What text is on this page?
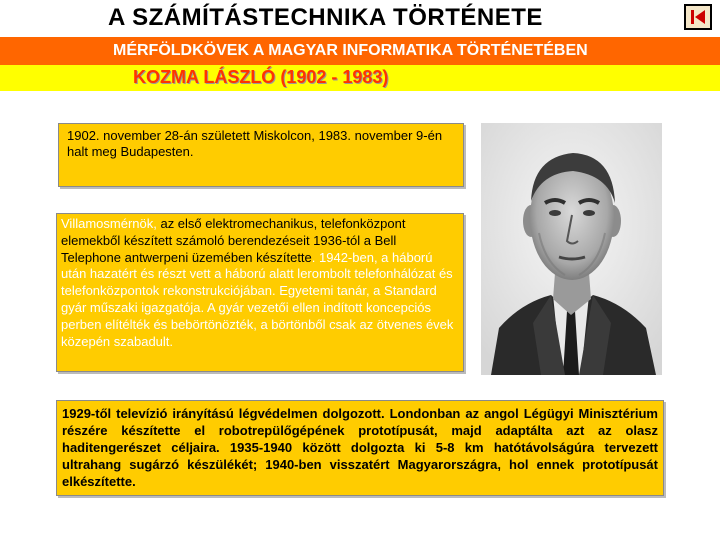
A SZÁMÍTÁSTECHNIKA TÖRTÉNETE
MÉRFÖLDKÖVEK A MAGYAR INFORMATIKA TÖRTÉNETÉBEN
KOZMA LÁSZLÓ (1902 - 1983)
1902. november 28-án született Miskolcon, 1983. november 9-én halt meg Budapesten.
Villamosmérnök, az első elektromechanikus, telefonközpont elemekből készített számoló berendezéseit 1936-tól a Bell Telephone antwerpeni üzemében készítette. 1942-ben, a háború után hazatért és részt vett a háború alatt lerombolt telefonhálózat és telefonközpontok rekonstrukciójában. Egyetemi tanár, a Standard gyár műszaki igazgatója. A gyár vezetői ellen indított koncepciós perben elítélték és bebörtönözték, a börtönből csak az ötvenes évek közepén szabadult.
1929-től televízió irányítású légvédelmen dolgozott. Londonban az angol Légügyi Minisztérium részére készítette el robotrepülőgépének prototípusát, majd adaptálta azt az olasz haditengerészet céljaira. 1935-1940 között dolgozta ki 5-8 km hatótávolságúra tervezett ultrahang sugárzó készülékét; 1940-ben visszatért Magyarországra, hol ennek prototípusát elkészítette.
